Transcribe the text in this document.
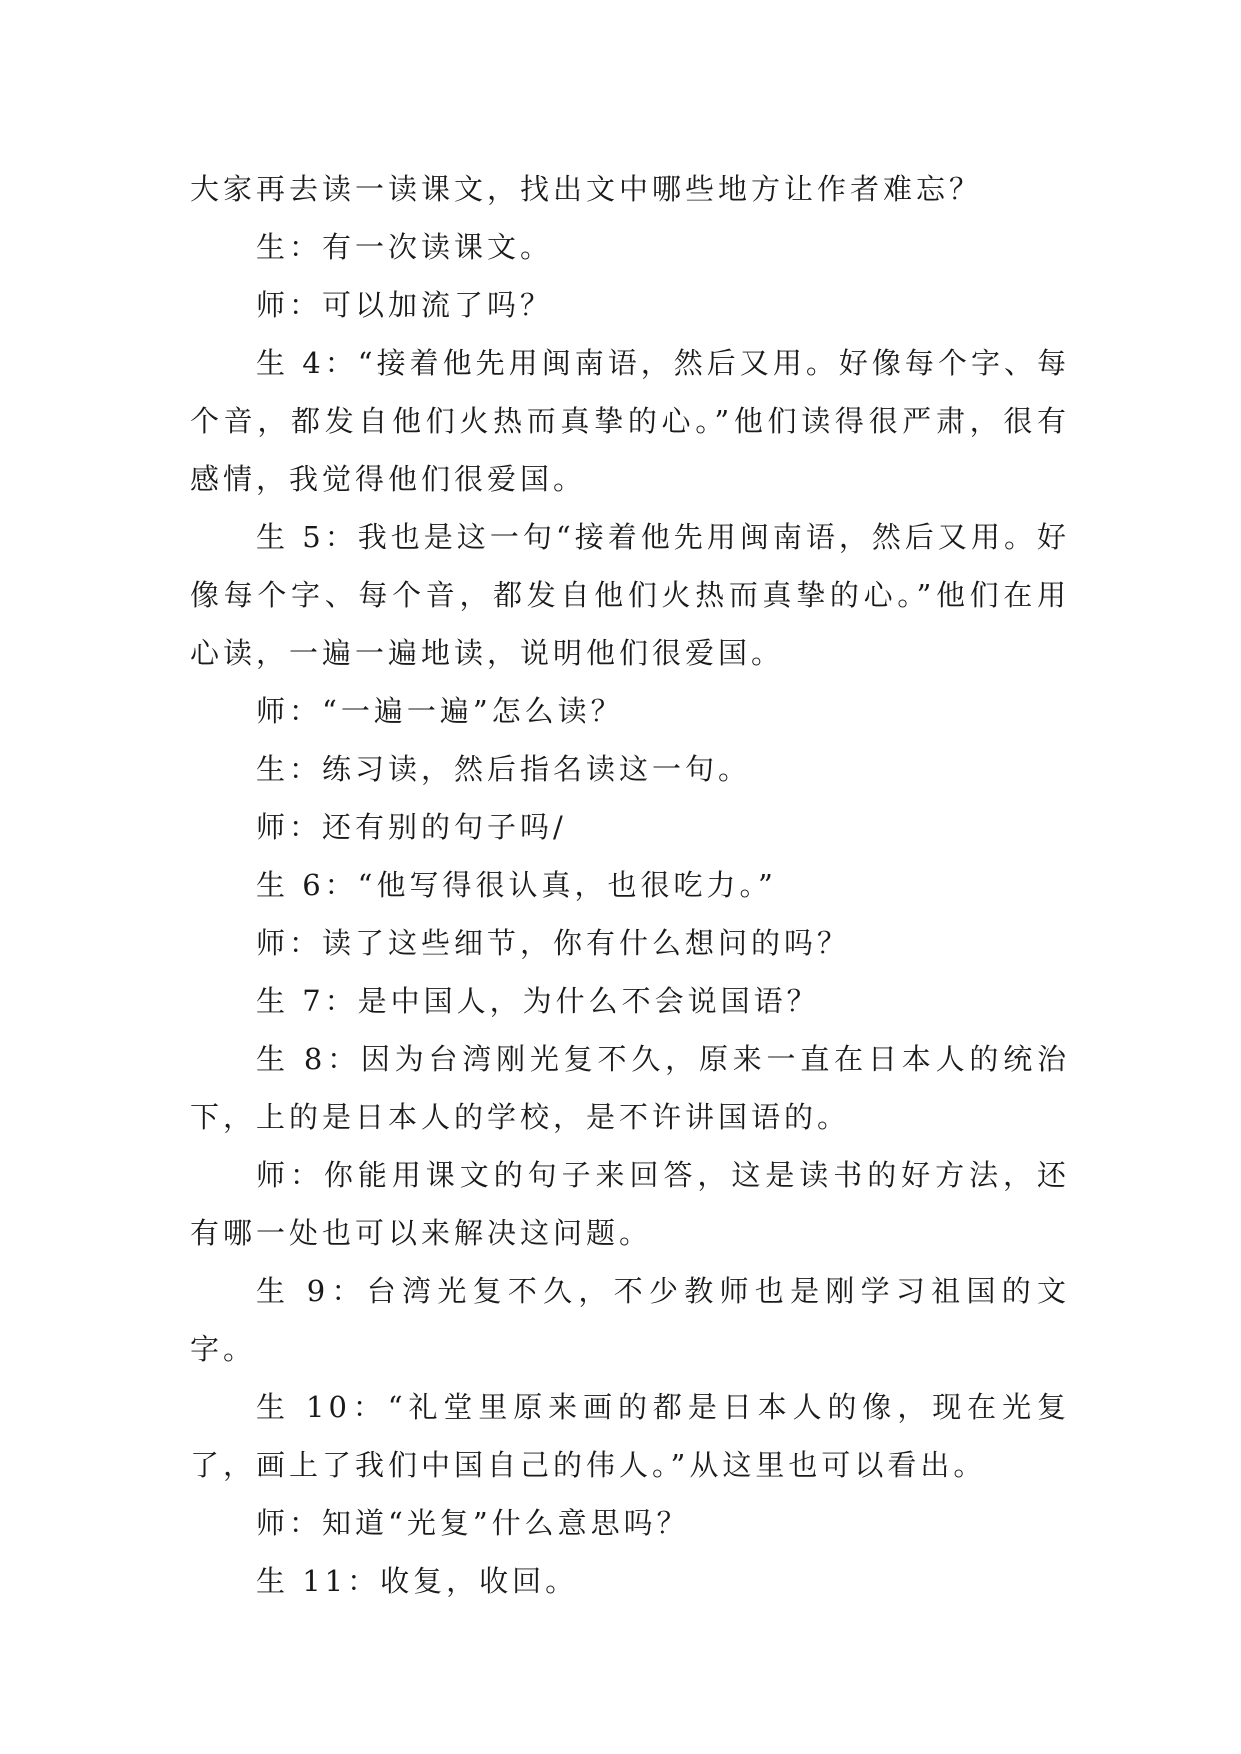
大家再去读一读课文，找出文中哪些地方让作者难忘？

生：有一次读课文。

师：可以加流了吗？

生 4：“接着他先用闽南语，然后又用。好像每个字、每个音，都发自他们火热而真挚的心。”他们读得很严肃，很有感情，我觉得他们很爱国。

生 5：我也是这一句“接着他先用闽南语，然后又用。好像每个字、每个音，都发自他们火热而真挚的心。”他们在用心读，一遍一遍地读，说明他们很爱国。

师：“一遍一遍”怎么读？

生：练习读，然后指名读这一句。

师：还有别的句子吗/

生 6：“他写得很认真，也很吃力。”

师：读了这些细节，你有什么想问的吗？

生 7：是中国人，为什么不会说国语？

生 8：因为台湾刚光复不久，原来一直在日本人的统治下，上的是日本人的学校，是不许讲国语的。

师：你能用课文的句子来回答，这是读书的好方法，还有哪一处也可以来解决这问题。

生 9：台湾光复不久，不少教师也是刚学习祖国的文字。

生 10：“礼堂里原来画的都是日本人的像，现在光复了，画上了我们中国自己的伟人。”从这里也可以看出。

师：知道“光复”什么意思吗？

生 11：收复，收回。
